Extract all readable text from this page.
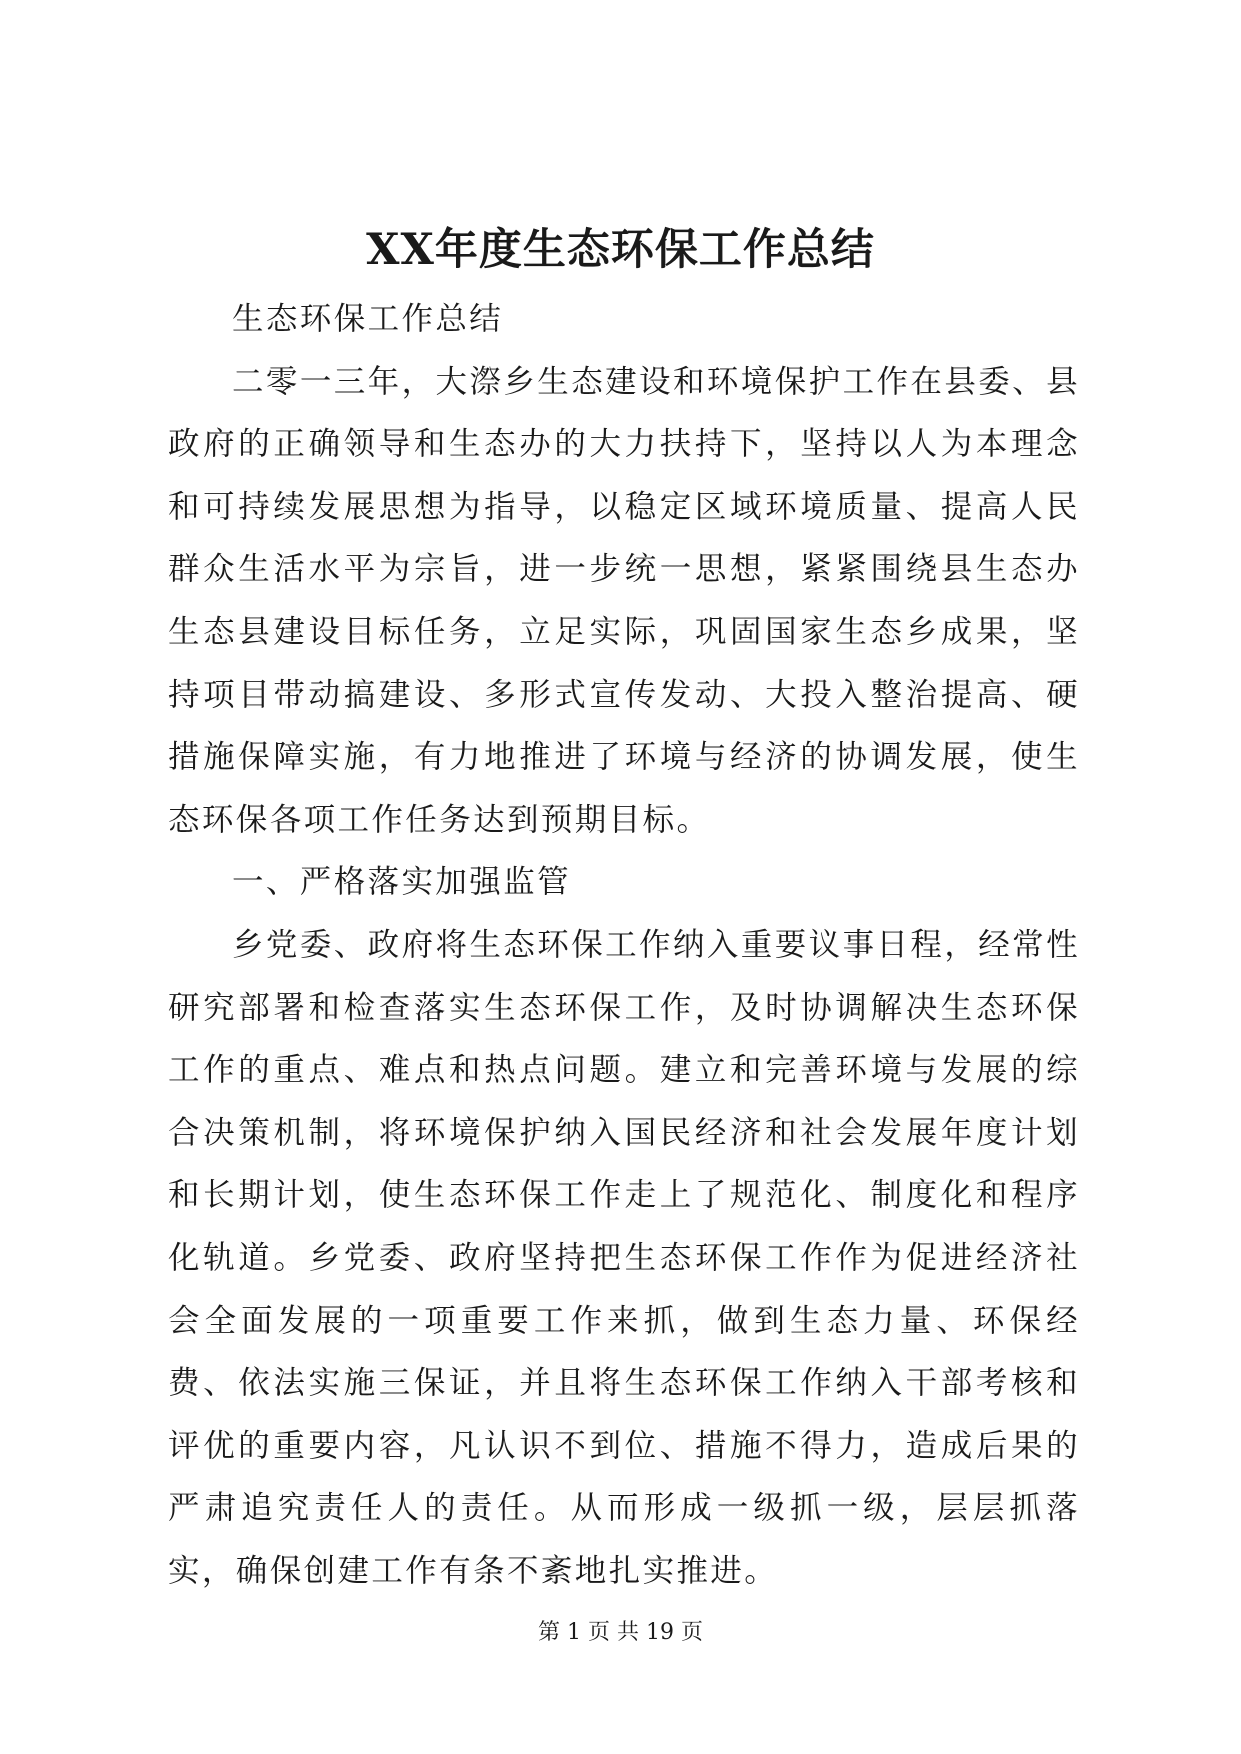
XX年度生态环保工作总结

生态环保工作总结

二零一三年，大漈乡生态建设和环境保护工作在县委、县政府的正确领导和生态办的大力扶持下，坚持以人为本理念和可持续发展思想为指导，以稳定区域环境质量、提高人民群众生活水平为宗旨，进一步统一思想，紧紧围绕县生态办生态县建设目标任务，立足实际，巩固国家生态乡成果，坚持项目带动搞建设、多形式宣传发动、大投入整治提高、硬措施保障实施，有力地推进了环境与经济的协调发展，使生态环保各项工作任务达到预期目标。

一、严格落实加强监管

乡党委、政府将生态环保工作纳入重要议事日程，经常性研究部署和检查落实生态环保工作，及时协调解决生态环保工作的重点、难点和热点问题。建立和完善环境与发展的综合决策机制，将环境保护纳入国民经济和社会发展年度计划和长期计划，使生态环保工作走上了规范化、制度化和程序化轨道。乡党委、政府坚持把生态环保工作作为促进经济社会全面发展的一项重要工作来抓，做到生态力量、环保经费、依法实施三保证，并且将生态环保工作纳入干部考核和评优的重要内容，凡认识不到位、措施不得力，造成后果的严肃追究责任人的责任。从而形成一级抓一级，层层抓落实，确保创建工作有条不紊地扎实推进。

第 1 页 共 19 页
